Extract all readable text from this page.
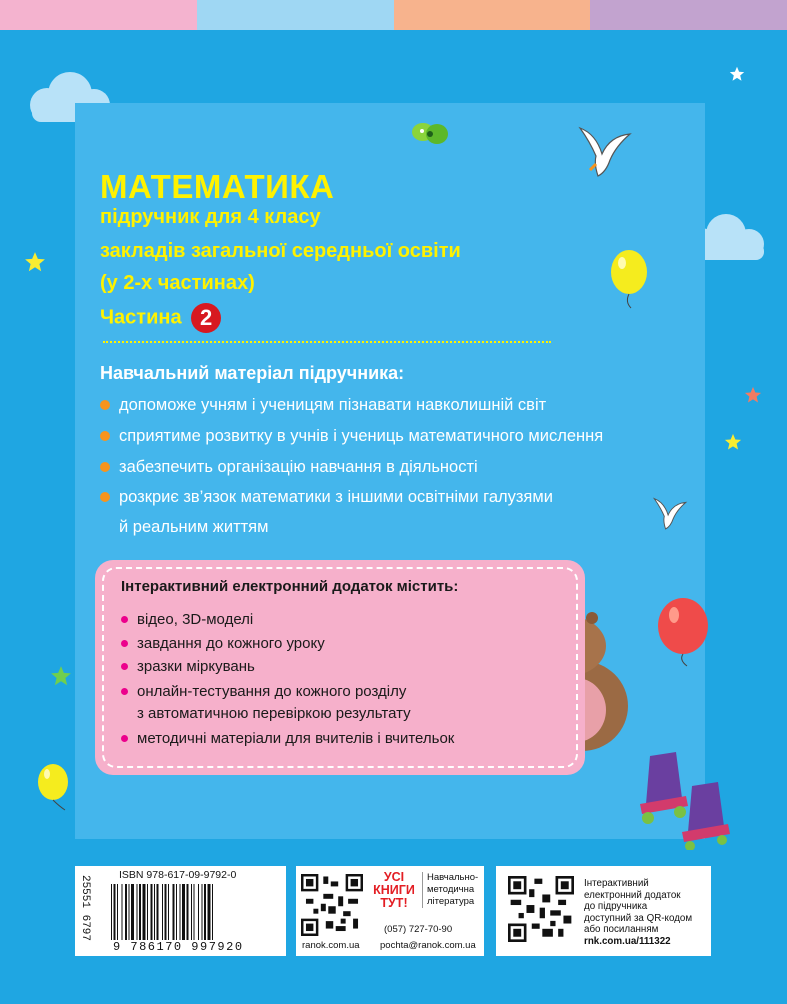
МАТЕМАТИКА
підручник для 4 класу
закладів загальної середньої освіти
(у 2-х частинах)
Частина 2
Навчальний матеріал підручника:
допоможе учням і ученицям пізнавати навколишній світ
сприятиме розвитку в учнів і учениць математичного мислення
забезпечить організацію навчання в діяльності
розкриє зв’язок математики з іншими освітніми галузями
й реальним життям
Інтерактивний електронний додаток містить:
відео, 3D-моделі
завдання до кожного уроку
зразки міркувань
онлайн-тестування до кожного розділу
з автоматичною перевіркою результату
методичні матеріали для вчителів і вчительок
25551 6797	ISBN 978-617-09-9792-0
9 786170 997920
УСІ
КНИГИ
ТУТ!
Навчально-
методична
література
(057) 727-70-90
ranok.com.ua pochta@ranok.com.ua
Інтерактивний
електронний додаток
до підручника
доступний за QR-кодом
або посиланням
rnk.com.ua/111322
